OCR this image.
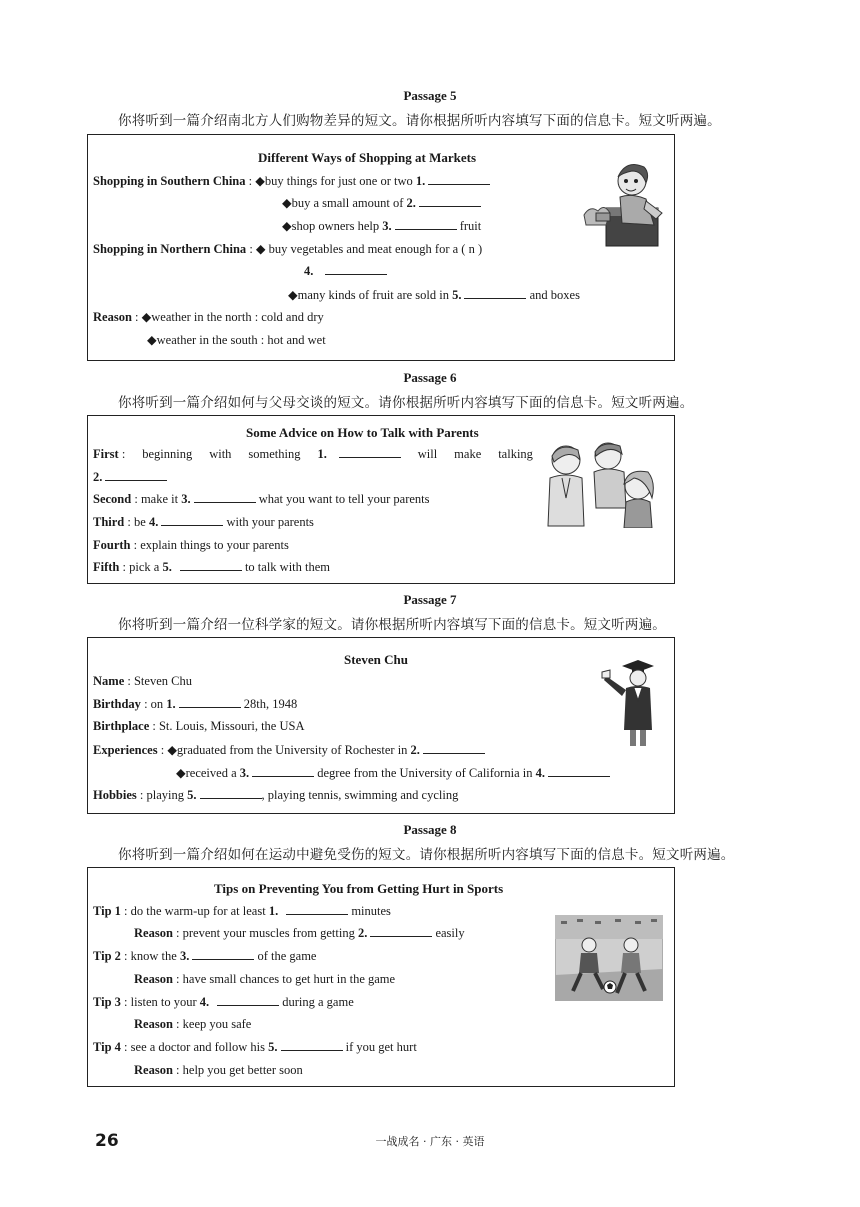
Passage 5
你将听到一篇介绍南北方人们购物差异的短文。请你根据所听内容填写下面的信息卡。短文听两遍。
Different Ways of Shopping at Markets
Shopping in Southern China : ◆buy things for just one or two 1.
◆buy a small amount of 2.
◆shop owners help 3.	fruit
Shopping in Northern China : ◆ buy vegetables and meat enough for a ( n )
4.
◆many kinds of fruit are sold in 5.	and boxes
Reason : ◆weather in the north : cold and dry
◆weather in the south : hot and wet
Passage 6
你将听到一篇介绍如何与父母交谈的短文。请你根据所听内容填写下面的信息卡。短文听两遍。
Some Advice on How to Talk with Parents
First : beginning with something 1.	will make talking
2.
Second : make it 3.	what you want to tell your parents
Third : be 4.	with your parents
Fourth : explain things to your parents
Fifth : pick a 5.	to talk with them
Passage 7
你将听到一篇介绍一位科学家的短文。请你根据所听内容填写下面的信息卡。短文听两遍。
Steven Chu
Name : Steven Chu
Birthday : on 1.	28th, 1948
Birthplace : St. Louis, Missouri, the USA
Experiences : ◆graduated from the University of Rochester in 2.
◆received a 3.	degree from the University of California in 4.
Hobbies : playing 5.	, playing tennis, swimming and cycling
Passage 8
你将听到一篇介绍如何在运动中避免受伤的短文。请你根据所听内容填写下面的信息卡。短文听两遍。
Tips on Preventing You from Getting Hurt in Sports
Tip 1 : do the warm-up for at least 1.	minutes
Reason : prevent your muscles from getting 2.	easily
Tip 2 : know the 3.	of the game
Reason : have small chances to get hurt in the game
Tip 3 : listen to your 4.	during a game
Reason : keep you safe
Tip 4 : see a doctor and follow his 5.	if you get hurt
Reason : help you get better soon
26	一战成名 · 广东 · 英语
